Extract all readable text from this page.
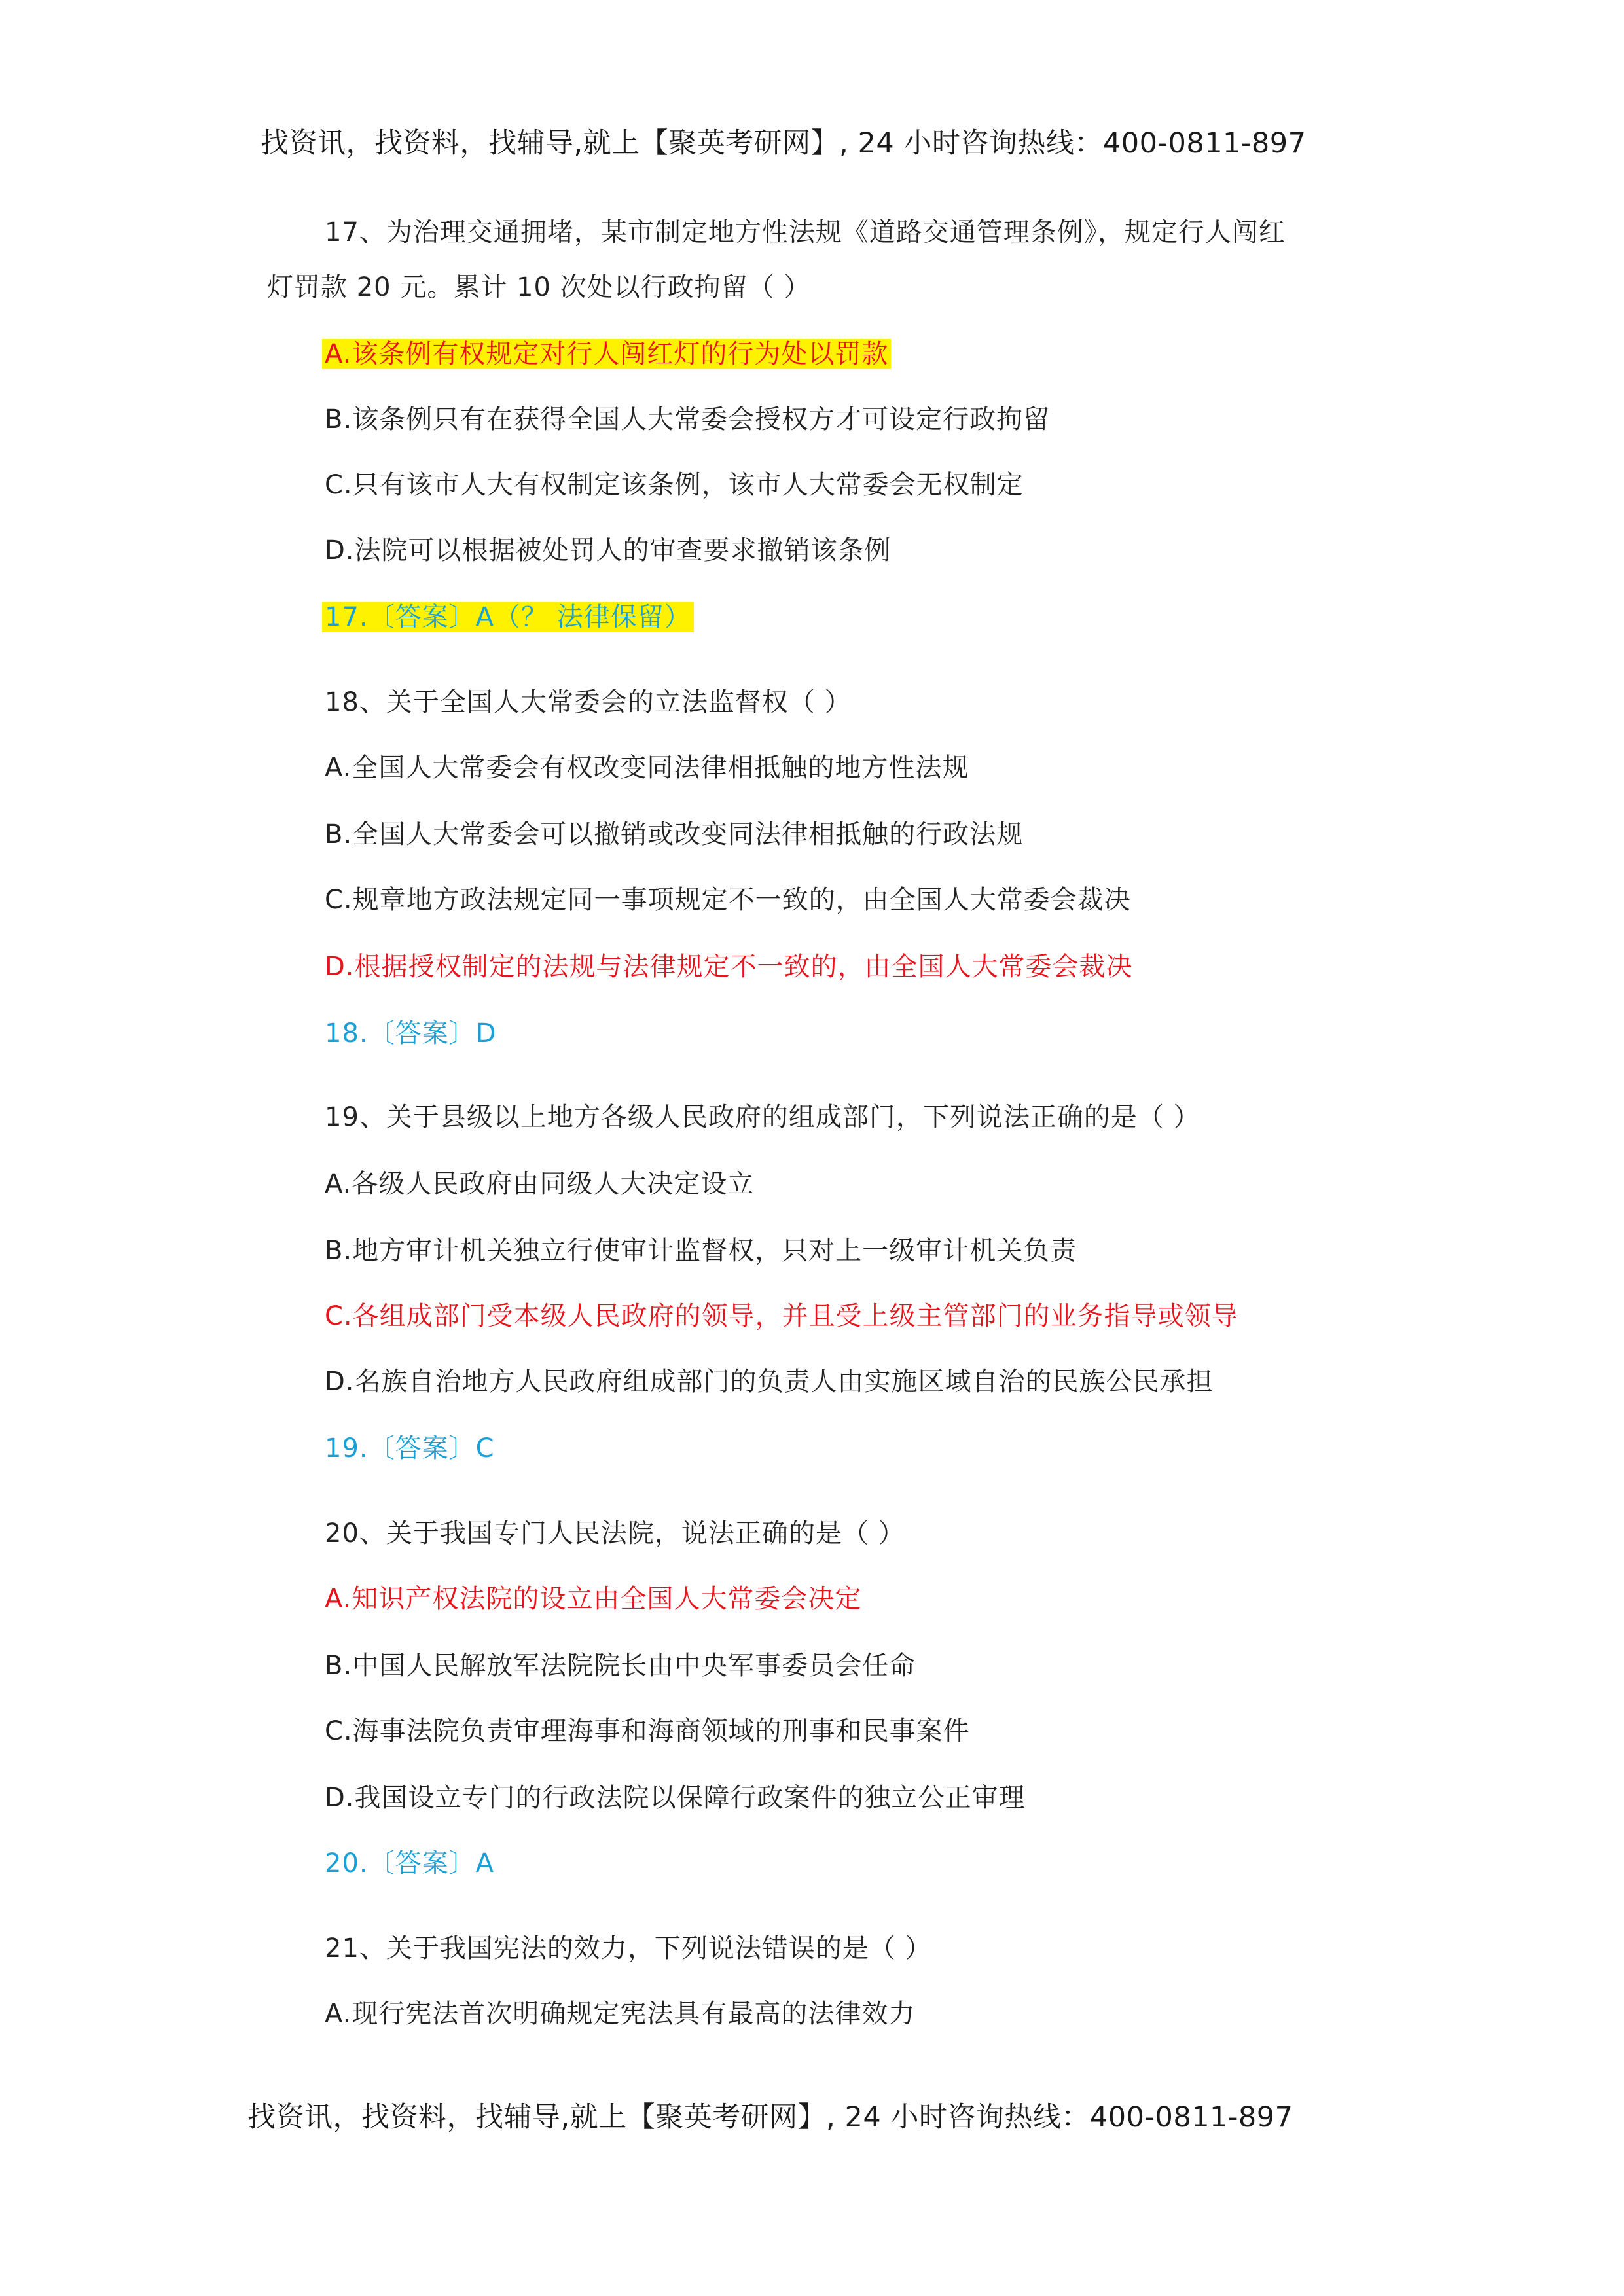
找资讯，找资料，找辅导,就上【聚英考研网】, 24 小时咨询热线：400-0811-897
17、为治理交通拥堵，某市制定地方性法规《道路交通管理条例》，规定行人闯红
灯罚款 20 元。累计 10 次处以行政拘留（ ）
A.该条例有权规定对行人闯红灯的行为处以罚款
B.该条例只有在获得全国人大常委会授权方才可设定行政拘留
C.只有该市人大有权制定该条例，该市人大常委会无权制定
D.法院可以根据被处罚人的审查要求撤销该条例
17.〔答案〕A（？ 法律保留）
18、关于全国人大常委会的立法监督权（ ）
A.全国人大常委会有权改变同法律相抵触的地方性法规
B.全国人大常委会可以撤销或改变同法律相抵触的行政法规
C.规章地方政法规定同一事项规定不一致的，由全国人大常委会裁决
D.根据授权制定的法规与法律规定不一致的，由全国人大常委会裁决
18.〔答案〕D
19、关于县级以上地方各级人民政府的组成部门，下列说法正确的是（ ）
A.各级人民政府由同级人大决定设立
B.地方审计机关独立行使审计监督权，只对上一级审计机关负责
C.各组成部门受本级人民政府的领导，并且受上级主管部门的业务指导或领导
D.名族自治地方人民政府组成部门的负责人由实施区域自治的民族公民承担
19.〔答案〕C
20、关于我国专门人民法院，说法正确的是（ ）
A.知识产权法院的设立由全国人大常委会决定
B.中国人民解放军法院院长由中央军事委员会任命
C.海事法院负责审理海事和海商领域的刑事和民事案件
D.我国设立专门的行政法院以保障行政案件的独立公正审理
20.〔答案〕A
21、关于我国宪法的效力，下列说法错误的是（ ）
A.现行宪法首次明确规定宪法具有最高的法律效力
找资讯，找资料，找辅导,就上【聚英考研网】, 24 小时咨询热线：400-0811-897
